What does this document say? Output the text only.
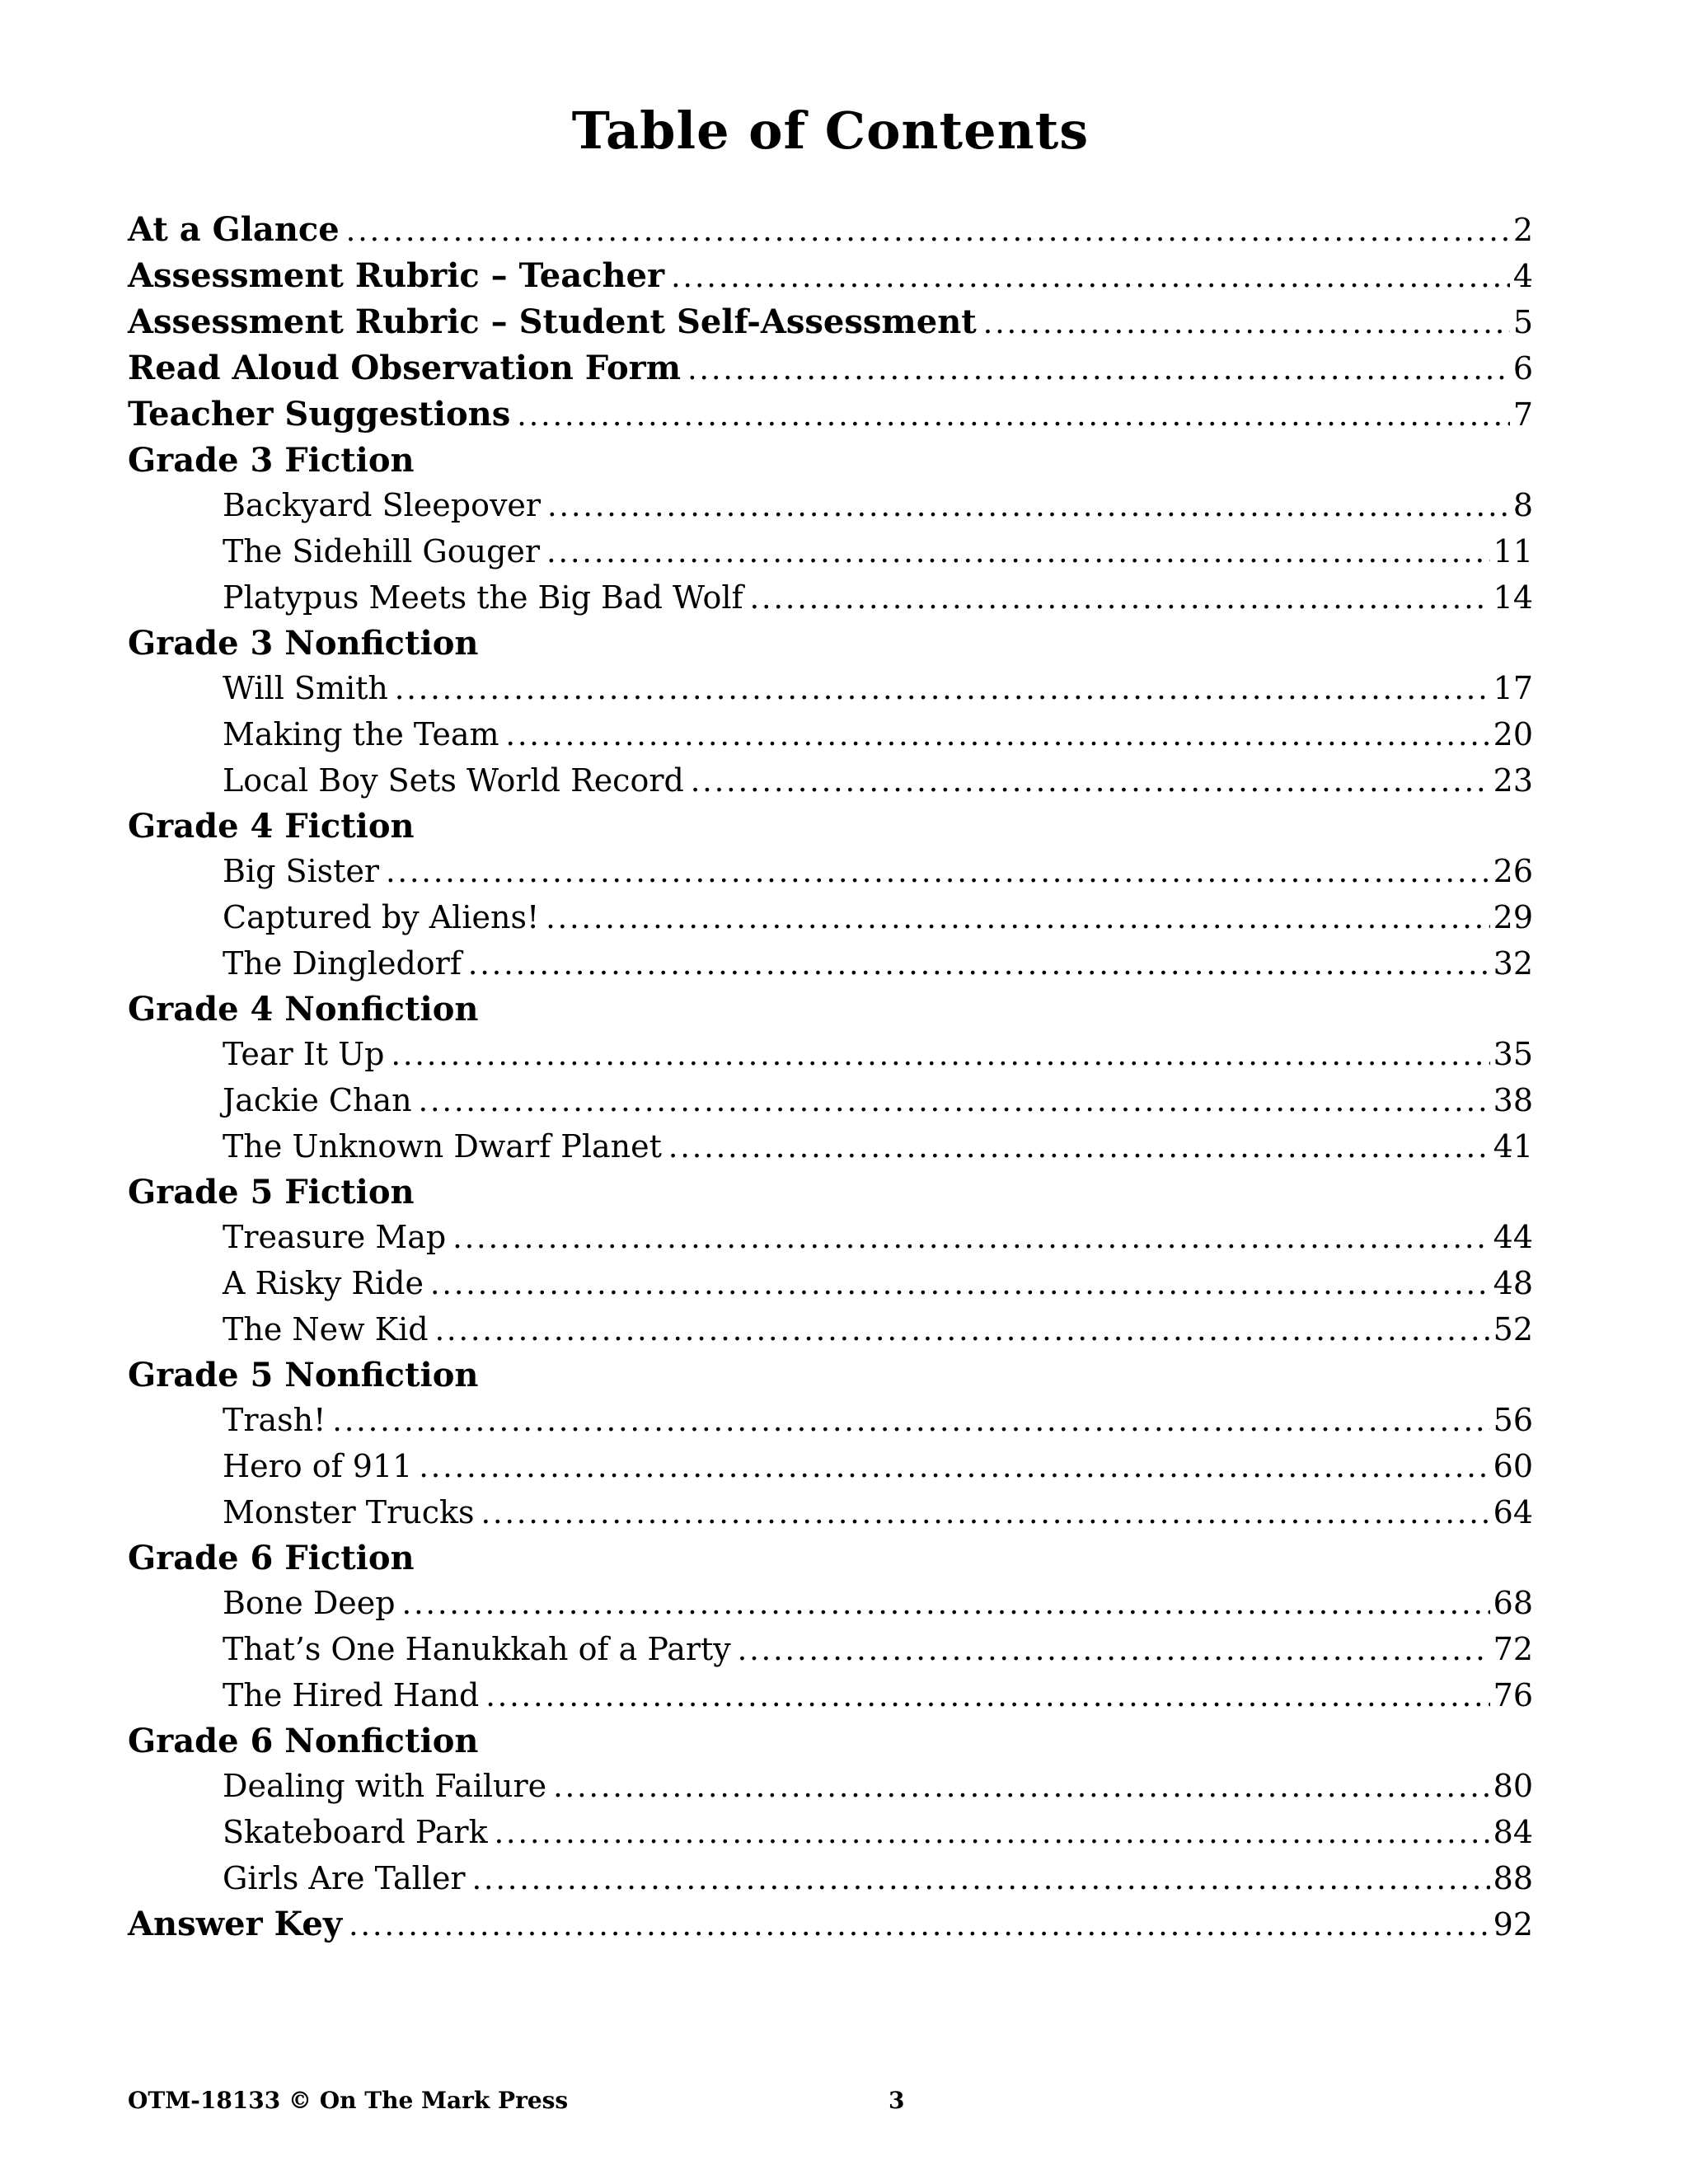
Table of Contents
At a Glance .....	2
Assessment Rubric – Teacher .....	4
Assessment Rubric – Student Self-Assessment .....	5
Read Aloud Observation Form .....	6
Teacher Suggestions .....	7
Grade 3 Fiction
Backyard Sleepover .....	8
The Sidehill Gouger .....	11
Platypus Meets the Big Bad Wolf .....	14
Grade 3 Nonfiction
Will Smith .....	17
Making the Team .....	20
Local Boy Sets World Record .....	23
Grade 4 Fiction
Big Sister .....	26
Captured by Aliens! .....	29
The Dingledorf .....	32
Grade 4 Nonfiction
Tear It Up .....	35
Jackie Chan .....	38
The Unknown Dwarf Planet .....	41
Grade 5 Fiction
Treasure Map .....	44
A Risky Ride .....	48
The New Kid .....	52
Grade 5 Nonfiction
Trash! .....	56
Hero of 911 .....	60
Monster Trucks .....	64
Grade 6 Fiction
Bone Deep .....	68
That’s One Hanukkah of a Party .....	72
The Hired Hand .....	76
Grade 6 Nonfiction
Dealing with Failure .....	80
Skateboard Park .....	84
Girls Are Taller .....	88
Answer Key .....	92
OTM-18133 © On The Mark Press	3
